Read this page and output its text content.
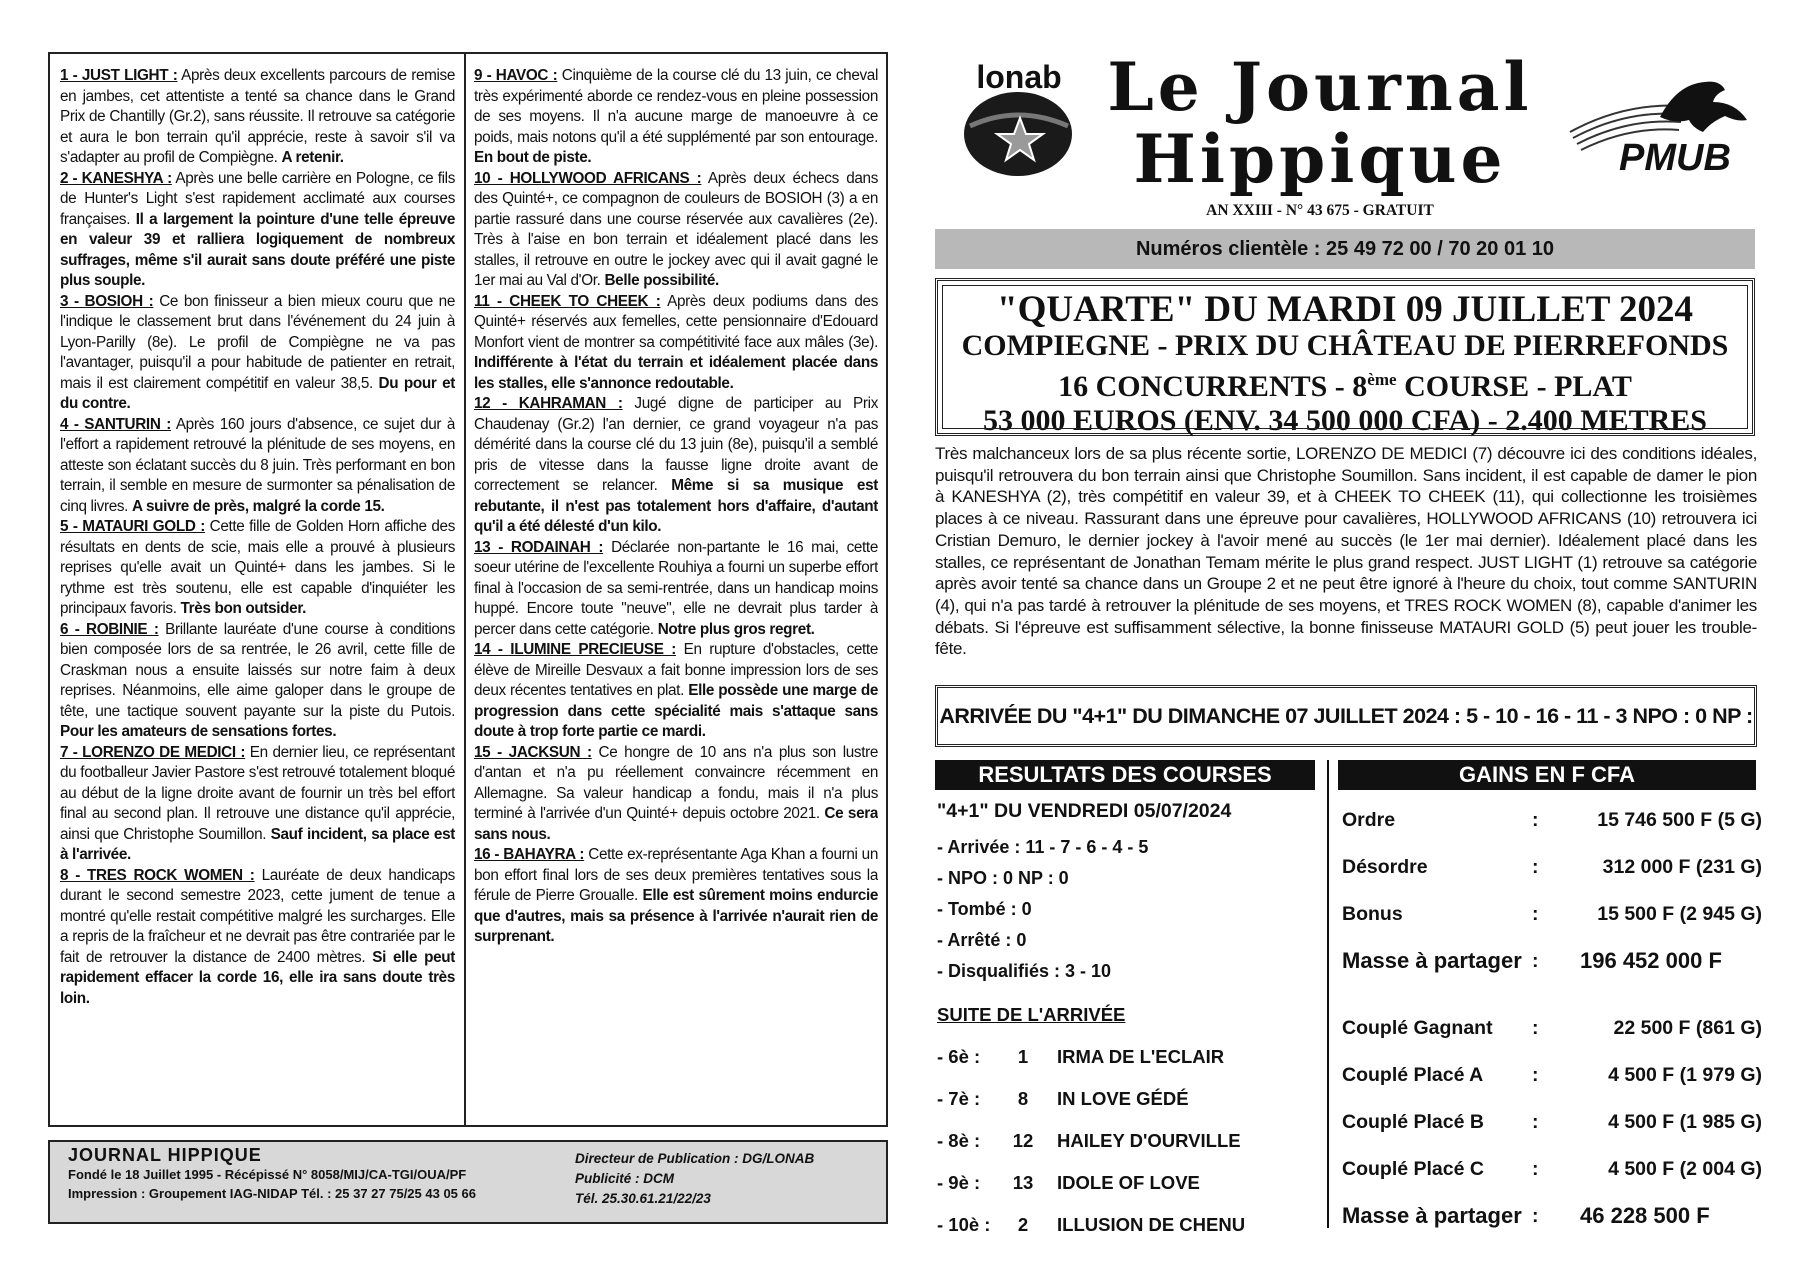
1 - JUST LIGHT : Après deux excellents parcours de remise en jambes, cet attentiste a tenté sa chance dans le Grand Prix de Chantilly (Gr.2), sans réussite. Il retrouve sa catégorie et aura le bon terrain qu'il apprécie, reste à savoir s'il va s'adapter au profil de Compiègne. A retenir.

2 - KANESHYA : Après une belle carrière en Pologne, ce fils de Hunter's Light s'est rapidement acclimaté aux courses françaises. Il a largement la pointure d'une telle épreuve en valeur 39 et ralliera logiquement de nombreux suffrages, même s'il aurait sans doute préféré une piste plus souple.

3 - BOSIOH : Ce bon finisseur a bien mieux couru que ne l'indique le classement brut dans l'événement du 24 juin à Lyon-Parilly (8e). Le profil de Compiègne ne va pas l'avantager, puisqu'il a pour habitude de patienter en retrait, mais il est clairement compétitif en valeur 38,5. Du pour et du contre.

4 - SANTURIN : Après 160 jours d'absence, ce sujet dur à l'effort a rapidement retrouvé la plénitude de ses moyens, en atteste son éclatant succès du 8 juin. Très performant en bon terrain, il semble en mesure de surmonter sa pénalisation de cinq livres. A suivre de près, malgré la corde 15.

5 - MATAURI GOLD : Cette fille de Golden Horn affiche des résultats en dents de scie, mais elle a prouvé à plusieurs reprises qu'elle avait un Quinté+ dans les jambes. Si le rythme est très soutenu, elle est capable d'inquiéter les principaux favoris. Très bon outsider.

6 - ROBINIE : Brillante lauréate d'une course à conditions bien composée lors de sa rentrée, le 26 avril, cette fille de Craskman nous a ensuite laissés sur notre faim à deux reprises. Néanmoins, elle aime galoper dans le groupe de tête, une tactique souvent payante sur la piste du Putois. Pour les amateurs de sensations fortes.

7 - LORENZO DE MEDICI : En dernier lieu, ce représentant du footballeur Javier Pastore s'est retrouvé totalement bloqué au début de la ligne droite avant de fournir un très bel effort final au second plan. Il retrouve une distance qu'il apprécie, ainsi que Christophe Soumillon. Sauf incident, sa place est à l'arrivée.

8 - TRES ROCK WOMEN : Lauréate de deux handicaps durant le second semestre 2023, cette jument de tenue a montré qu'elle restait compétitive malgré les surcharges. Elle a repris de la fraîcheur et ne devrait pas être contrariée par le fait de retrouver la distance de 2400 mètres. Si elle peut rapidement effacer la corde 16, elle ira sans doute très loin.

9 - HAVOC : Cinquième de la course clé du 13 juin, ce cheval très expérimenté aborde ce rendez-vous en pleine possession de ses moyens. Il n'a aucune marge de manoeuvre à ce poids, mais notons qu'il a été supplémenté par son entourage. En bout de piste.

10 - HOLLYWOOD AFRICANS : Après deux échecs dans des Quinté+, ce compagnon de couleurs de BOSIOH (3) a en partie rassuré dans une course réservée aux cavalières (2e). Très à l'aise en bon terrain et idéalement placé dans les stalles, il retrouve en outre le jockey avec qui il avait gagné le 1er mai au Val d'Or. Belle possibilité.

11 - CHEEK TO CHEEK : Après deux podiums dans des Quinté+ réservés aux femelles, cette pensionnaire d'Edouard Monfort vient de montrer sa compétitivité face aux mâles (3e). Indifférente à l'état du terrain et idéalement placée dans les stalles, elle s'annonce redoutable.

12 - KAHRAMAN : Jugé digne de participer au Prix Chaudenay (Gr.2) l'an dernier, ce grand voyageur n'a pas démérité dans la course clé du 13 juin (8e), puisqu'il a semblé pris de vitesse dans la fausse ligne droite avant de correctement se relancer. Même si sa musique est rebutante, il n'est pas totalement hors d'affaire, d'autant qu'il a été délesté d'un kilo.

13 - RODAINAH : Déclarée non-partante le 16 mai, cette soeur utérine de l'excellente Rouhiya a fourni un superbe effort final à l'occasion de sa semi-rentrée, dans un handicap moins huppé. Encore toute "neuve", elle ne devrait plus tarder à percer dans cette catégorie. Notre plus gros regret.

14 - ILUMINE PRECIEUSE : En rupture d'obstacles, cette élève de Mireille Desvaux a fait bonne impression lors de ses deux récentes tentatives en plat. Elle possède une marge de progression dans cette spécialité mais s'attaque sans doute à trop forte partie ce mardi.

15 - JACKSUN : Ce hongre de 10 ans n'a plus son lustre d'antan et n'a pu réellement convaincre récemment en Allemagne. Sa valeur handicap a fondu, mais il n'a plus terminé à l'arrivée d'un Quinté+ depuis octobre 2021. Ce sera sans nous.

16 - BAHAYRA : Cette ex-représentante Aga Khan a fourni un bon effort final lors de ses deux premières tentatives sous la férule de Pierre Groualle. Elle est sûrement moins endurcie que d'autres, mais sa présence à l'arrivée n'aurait rien de surprenant.

JOURNAL HIPPIQUE
Fondé le 18 Juillet 1995 - Récépissé N° 8058/MIJ/CA-TGI/OUA/PF
Impression : Groupement IAG-NIDAP Tél. : 25 37 27 75/25 43 05 66
Directeur de Publication : DG/LONAB
Publicité : DCM
Tél. 25.30.61.21/22/23
lonab Le Journal
Hippique	PMUB
AN XXIII - N° 43 675 - GRATUIT
Numéros clientèle : 25 49 72 00 / 70 20 01 10
"QUARTE" DU MARDI 09 JUILLET 2024
COMPIEGNE - PRIX DU CHÂTEAU DE PIERREFONDS
16 CONCURRENTS - 8ème COURSE - PLAT
53 000 EUROS (ENV. 34 500 000 CFA) - 2.400 METRES
Très malchanceux lors de sa plus récente sortie, LORENZO DE MEDICI (7) découvre ici des conditions idéales, puisqu'il retrouvera du bon terrain ainsi que Christophe Soumillon. Sans incident, il est capable de damer le pion à KANESHYA (2), très compétitif en valeur 39, et à CHEEK TO CHEEK (11), qui collectionne les troisièmes places à ce niveau. Rassurant dans une épreuve pour cavalières, HOLLYWOOD AFRICANS (10) retrouvera ici Cristian Demuro, le dernier jockey à l'avoir mené au succès (le 1er mai dernier). Idéalement placé dans les stalles, ce représentant de Jonathan Temam mérite le plus grand respect. JUST LIGHT (1) retrouve sa catégorie après avoir tenté sa chance dans un Groupe 2 et ne peut être ignoré à l'heure du choix, tout comme SANTURIN (4), qui n'a pas tardé à retrouver la plénitude de ses moyens, et TRES ROCK WOMEN (8), capable d'animer les débats. Si l'épreuve est suffisamment sélective, la bonne finisseuse MATAURI GOLD (5) peut jouer les trouble-fête.
ARRIVÉE DU "4+1" DU DIMANCHE 07 JUILLET 2024 : 5 - 10 - 16 - 11 - 3 NPO : 0 NP :
RESULTATS DES COURSES	GAINS EN F CFA
"4+1" DU VENDREDI 05/07/2024
- Arrivée : 11 - 7 - 6 - 4 - 5
- NPO : 0 NP : 0
- Tombé : 0
- Arrêté : 0
- Disqualifiés : 3 - 10
SUITE DE L'ARRIVÉE
- 6è :	1	IRMA DE L'ECLAIR
- 7è :	8	IN LOVE GÉDÉ
- 8è :	12	HAILEY D'OURVILLE
- 9è :	13	IDOLE OF LOVE
- 10è :	2	ILLUSION DE CHENU
Ordre	:	15 746 500 F (5 G)
Désordre	:	312 000 F (231 G)
Bonus	:	15 500 F (2 945 G)
Masse à partager :	196 452 000 F
Couplé Gagnant	:	22 500 F (861 G)
Couplé Placé A	:	4 500 F (1 979 G)
Couplé Placé B	:	4 500 F (1 985 G)
Couplé Placé C	:	4 500 F (2 004 G)
Masse à partager :	46 228 500 F
